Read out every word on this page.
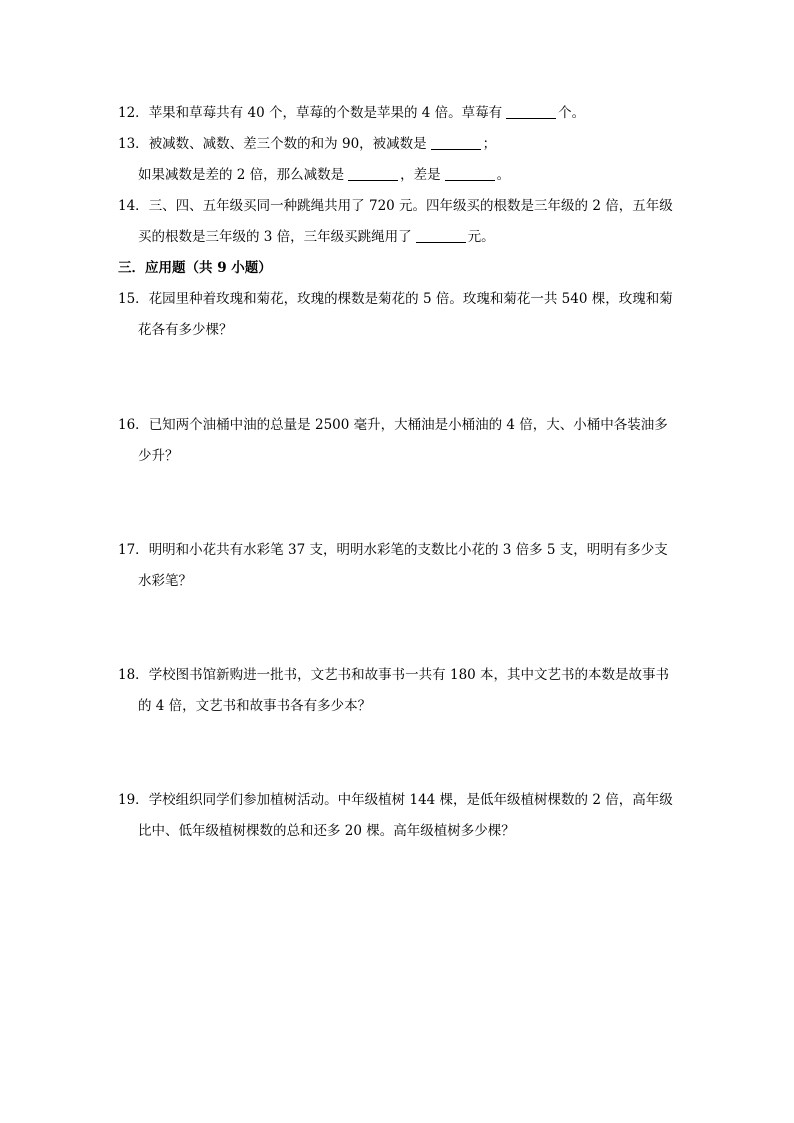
12．苹果和草莓共有 40 个，草莓的个数是苹果的 4 倍。草莓有	个。
13．被减数、减数、差三个数的和为 90，被减数是	；
如果减数是差的 2 倍，那么减数是	，差是	。
14．三、四、五年级买同一种跳绳共用了 720 元。四年级买的根数是三年级的 2 倍，五年级
买的根数是三年级的 3 倍，三年级买跳绳用了	元。
三．应用题（共 9 小题）
15．花园里种着玫瑰和菊花，玫瑰的棵数是菊花的 5 倍。玫瑰和菊花一共 540 棵，玫瑰和菊
花各有多少棵？
16．已知两个油桶中油的总量是 2500 毫升，大桶油是小桶油的 4 倍，大、小桶中各装油多
少升？
17．明明和小花共有水彩笔 37 支，明明水彩笔的支数比小花的 3 倍多 5 支，明明有多少支
水彩笔？
18．学校图书馆新购进一批书，文艺书和故事书一共有 180 本，其中文艺书的本数是故事书
的 4 倍，文艺书和故事书各有多少本？
19．学校组织同学们参加植树活动。中年级植树 144 棵，是低年级植树棵数的 2 倍，高年级
比中、低年级植树棵数的总和还多 20 棵。高年级植树多少棵？
